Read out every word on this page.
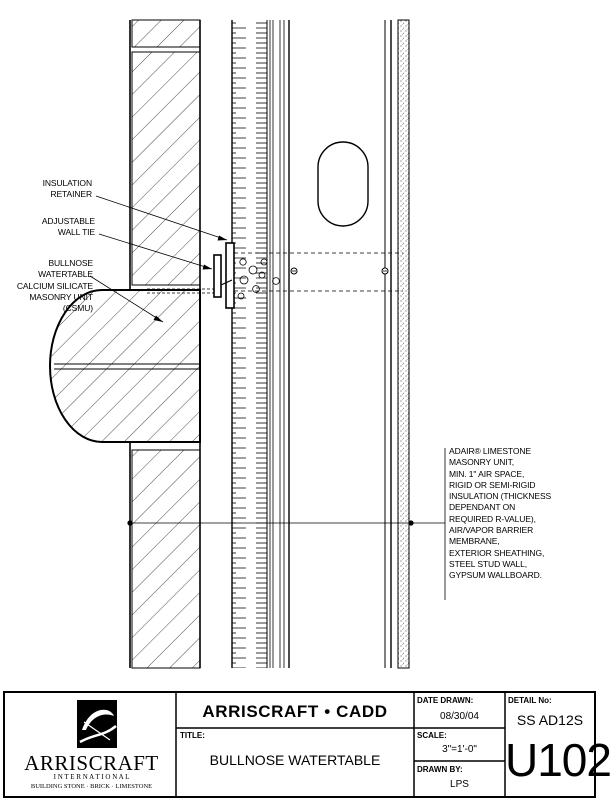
INSULATION
RETAINER
ADJUSTABLE
WALL TIE
BULLNOSE WATERTABLE
CALCIUM SILICATE
MASONRY UNIT (CSMU)
ADAIR® LIMESTONE
MASONRY UNIT,
MIN. 1" AIR SPACE,
RIGID OR SEMI-RIGID
INSULATION (THICKNESS
DEPENDANT ON
REQUIRED R-VALUE),
AIR/VAPOR BARRIER
MEMBRANE,
EXTERIOR SHEATHING,
STEEL STUD WALL,
GYPSUM WALLBOARD.
ARRISCRAFT
I N T E R N A T I O N A L
BUILDING STONE · BRICK · LIMESTONE
ARRISCRAFT • CADD
TITLE:
BULLNOSE WATERTABLE
DATE DRAWN:
08/30/04
SCALE:
3"=1'-0"
DRAWN BY:
LPS
DETAIL No:
SS AD12S
U102
